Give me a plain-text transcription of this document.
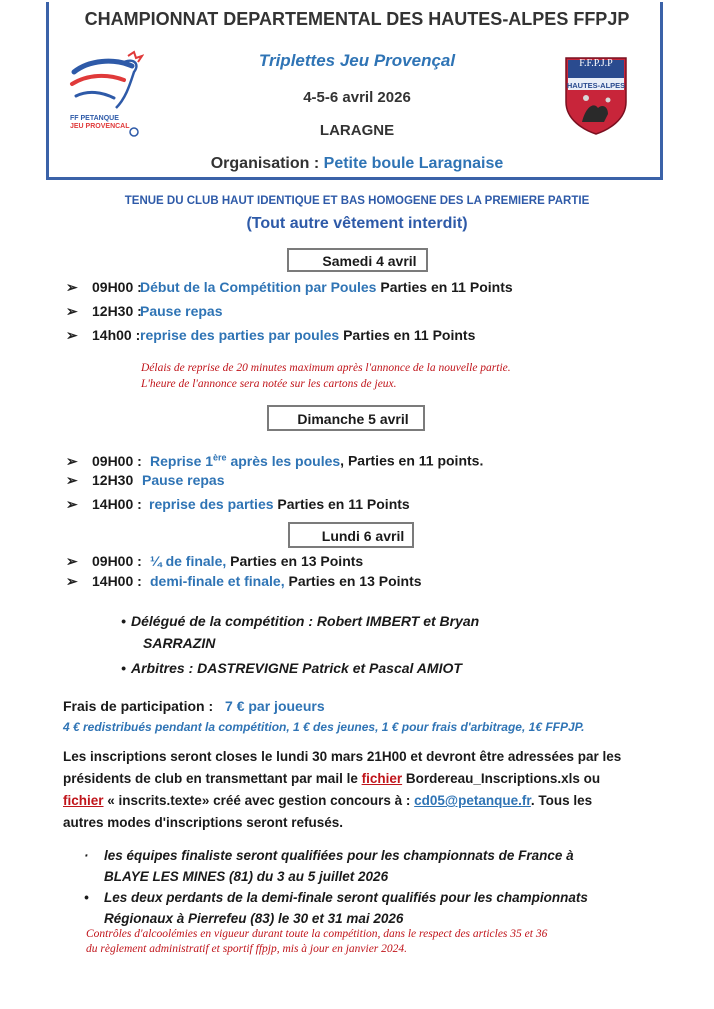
CHAMPIONNAT DEPARTEMENTAL DES HAUTES-ALPES FFPJP
FF PETANQUE
JEU PROVENCAL
F.F.P.J.P
HAUTES-ALPES
Triplettes Jeu Provençal
4-5-6 avril 2026
LARAGNE
Organisation : Petite boule Laragnaise
TENUE DU CLUB HAUT IDENTIQUE ET BAS HOMOGENE DES LA PREMIERE PARTIE
(Tout autre vêtement interdit)
Samedi 4 avril
➢ 09H00 :Début de la Compétition par Poules Parties en 11 Points
➢ 12H30 :Pause repas
➢ 14h00 :reprise des parties par poules Parties en 11 Points
Délais de reprise de 20 minutes maximum après l'annonce de la nouvelle partie.
L'heure de l'annonce sera notée sur les cartons de jeux.
Dimanche 5 avril
➢ 09H00 : Reprise 1ère après les poules, Parties en 11 points.
➢ 12H30 Pause repas
➢ 14H00 : reprise des parties Parties en 11 Points
Lundi 6 avril
➢ 09H00 : ¼ de finale, Parties en 13 Points
➢ 14H00 : demi-finale et finale, Parties en 13 Points
• Délégué de la compétition : Robert IMBERT et Bryan
SARRAZIN
• Arbitres : DASTREVIGNE Patrick et Pascal AMIOT
Frais de participation : 7 € par joueurs
4 € redistribués pendant la compétition, 1 € des jeunes, 1 € pour frais d'arbitrage, 1€ FFPJP.
Les inscriptions seront closes le lundi 30 mars 21H00 et devront être adressées par les
présidents de club en transmettant par mail le fichier Bordereau_Inscriptions.xls ou
fichier « inscrits.texte» créé avec gestion concours à : cd05@petanque.fr. Tous les
autres modes d'inscriptions seront refusés.
· les équipes finaliste seront qualifiées pour les championnats de France à
BLAYE LES MINES (81) du 3 au 5 juillet 2026
• Les deux perdants de la demi-finale seront qualifiés pour les championnats
Régionaux à Pierrefeu (83) le 30 et 31 mai 2026
Contrôles d'alcoolémies en vigueur durant toute la compétition, dans le respect des articles 35 et 36
du règlement administratif et sportif ffpjp, mis à jour en janvier 2024.
